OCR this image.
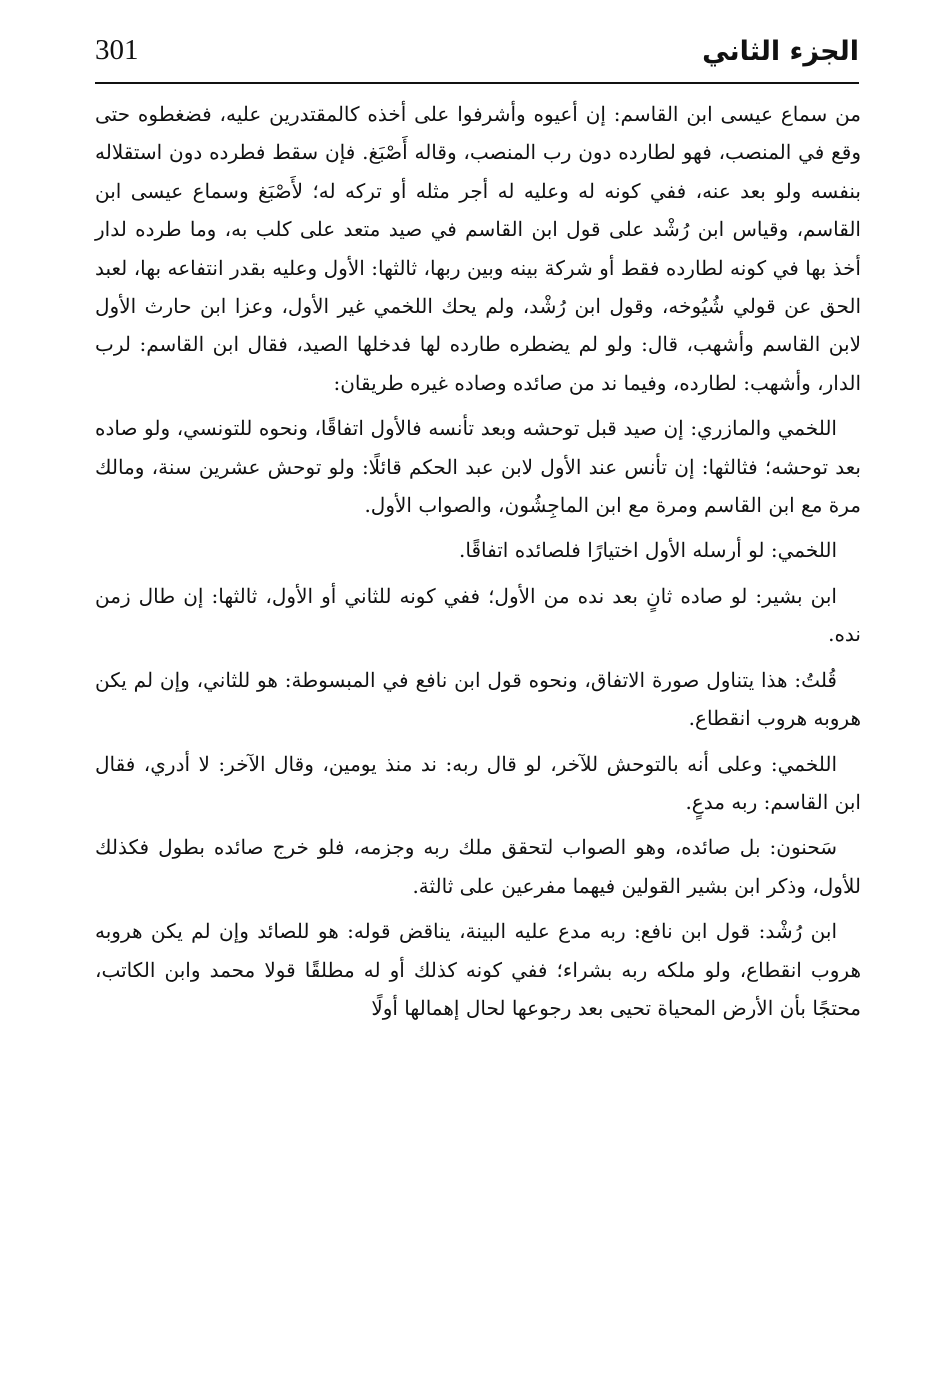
الجزء الثاني
301

من سماع عيسى ابن القاسم: إن أعيوه وأشرفوا على أخذه كالمقتدرين عليه، فضغطوه حتى وقع في المنصب، فهو لطارده دون رب المنصب، وقاله أَصْبَغ. فإن سقط فطرده دون استقلاله بنفسه ولو بعد عنه، ففي كونه له وعليه له أجر مثله أو تركه له؛ لأَصْبَغ وسماع عيسى ابن القاسم، وقياس ابن رُشْد على قول ابن القاسم في صيد متعد على كلب به، وما طرده لدار أخذ بها في كونه لطارده فقط أو شركة بينه وبين ربها، ثالثها: الأول وعليه بقدر انتفاعه بها، لعبد الحق عن قولي شُيُوخه، وقول ابن رُشْد، ولم يحك اللخمي غير الأول، وعزا ابن حارث الأول لابن القاسم وأشهب، قال: ولو لم يضطره طارده لها فدخلها الصيد، فقال ابن القاسم: لرب الدار، وأشهب: لطارده، وفيما ند من صائده وصاده غيره طريقان:

اللخمي والمازري: إن صيد قبل توحشه وبعد تأنسه فالأول اتفاقًا، ونحوه للتونسي، ولو صاده بعد توحشه؛ فثالثها: إن تأنس عند الأول لابن عبد الحكم قائلًا: ولو توحش عشرين سنة، ومالك مرة مع ابن القاسم ومرة مع ابن الماجِشُون، والصواب الأول.

اللخمي: لو أرسله الأول اختيارًا فلصائده اتفاقًا.

ابن بشير: لو صاده ثانٍ بعد نده من الأول؛ ففي كونه للثاني أو الأول، ثالثها: إن طال زمن نده.

قُلتُ: هذا يتناول صورة الاتفاق، ونحوه قول ابن نافع في المبسوطة: هو للثاني، وإن لم يكن هروبه هروب انقطاع.

اللخمي: وعلى أنه بالتوحش للآخر، لو قال ربه: ند منذ يومين، وقال الآخر: لا أدري، فقال ابن القاسم: ربه مدعٍ.

سَحنون: بل صائده، وهو الصواب لتحقق ملك ربه وجزمه، فلو خرج صائده بطول فكذلك للأول، وذكر ابن بشير القولين فيهما مفرعين على ثالثة.

ابن رُشْد: قول ابن نافع: ربه مدع عليه البينة، يناقض قوله: هو للصائد وإن لم يكن هروبه هروب انقطاع، ولو ملكه ربه بشراء؛ ففي كونه كذلك أو له مطلقًا قولا محمد وابن الكاتب، محتجًا بأن الأرض المحياة تحيى بعد رجوعها لحال إهمالها أولًا
